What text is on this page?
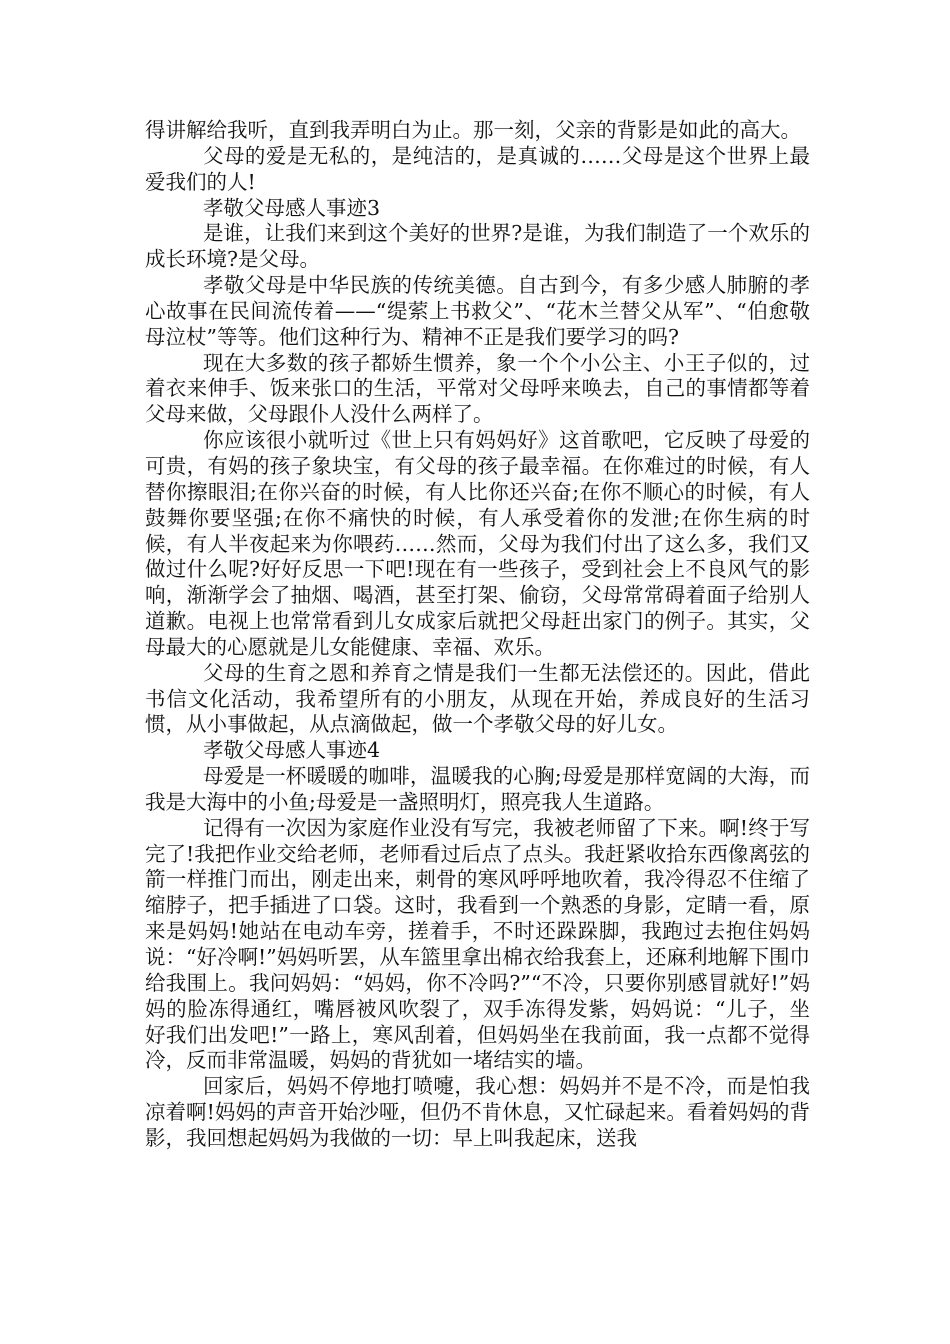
得讲解给我听，直到我弄明白为止。那一刻，父亲的背影是如此的高大。

父母的爱是无私的，是纯洁的，是真诚的……父母是这个世界上最爱我们的人!

孝敬父母感人事迹3

是谁，让我们来到这个美好的世界?是谁，为我们制造了一个欢乐的成长环境?是父母。

孝敬父母是中华民族的传统美德。自古到今，有多少感人肺腑的孝心故事在民间流传着——“缇萦上书救父”、“花木兰替父从军”、“伯愈敬母泣杖”等等。他们这种行为、精神不正是我们要学习的吗?

现在大多数的孩子都娇生惯养，象一个个小公主、小王子似的，过着衣来伸手、饭来张口的生活，平常对父母呼来唤去，自己的事情都等着父母来做，父母跟仆人没什么两样了。

你应该很小就听过《世上只有妈妈好》这首歌吧，它反映了母爱的可贵，有妈的孩子象块宝，有父母的孩子最幸福。在你难过的时候，有人替你擦眼泪;在你兴奋的时候，有人比你还兴奋;在你不顺心的时候，有人鼓舞你要坚强;在你不痛快的时候，有人承受着你的发泄;在你生病的时候，有人半夜起来为你喂药……然而，父母为我们付出了这么多，我们又做过什么呢?好好反思一下吧!现在有一些孩子，受到社会上不良风气的影响，渐渐学会了抽烟、喝酒，甚至打架、偷窃，父母常常碍着面子给别人道歉。电视上也常常看到儿女成家后就把父母赶出家门的例子。其实，父母最大的心愿就是儿女能健康、幸福、欢乐。

父母的生育之恩和养育之情是我们一生都无法偿还的。因此，借此书信文化活动，我希望所有的小朋友，从现在开始，养成良好的生活习惯，从小事做起，从点滴做起，做一个孝敬父母的好儿女。

孝敬父母感人事迹4

母爱是一杯暖暖的咖啡，温暖我的心胸;母爱是那样宽阔的大海，而我是大海中的小鱼;母爱是一盏照明灯，照亮我人生道路。

记得有一次因为家庭作业没有写完，我被老师留了下来。啊!终于写完了!我把作业交给老师，老师看过后点了点头。我赶紧收拾东西像离弦的箭一样推门而出，刚走出来，刺骨的寒风呼呼地吹着，我冷得忍不住缩了缩脖子，把手插进了口袋。这时，我看到一个熟悉的身影，定睛一看，原来是妈妈!她站在电动车旁，搓着手，不时还跺跺脚，我跑过去抱住妈妈说：“好冷啊!”妈妈听罢，从车篮里拿出棉衣给我套上，还麻利地解下围巾给我围上。我问妈妈：“妈妈，你不冷吗?”“不冷，只要你别感冒就好!”妈妈的脸冻得通红，嘴唇被风吹裂了，双手冻得发紫，妈妈说：“儿子，坐好我们出发吧!”一路上，寒风刮着，但妈妈坐在我前面，我一点都不觉得冷，反而非常温暖，妈妈的背犹如一堵结实的墙。

回家后，妈妈不停地打喷嚏，我心想：妈妈并不是不冷，而是怕我凉着啊!妈妈的声音开始沙哑，但仍不肯休息，又忙碌起来。看着妈妈的背影，我回想起妈妈为我做的一切：早上叫我起床，送我
